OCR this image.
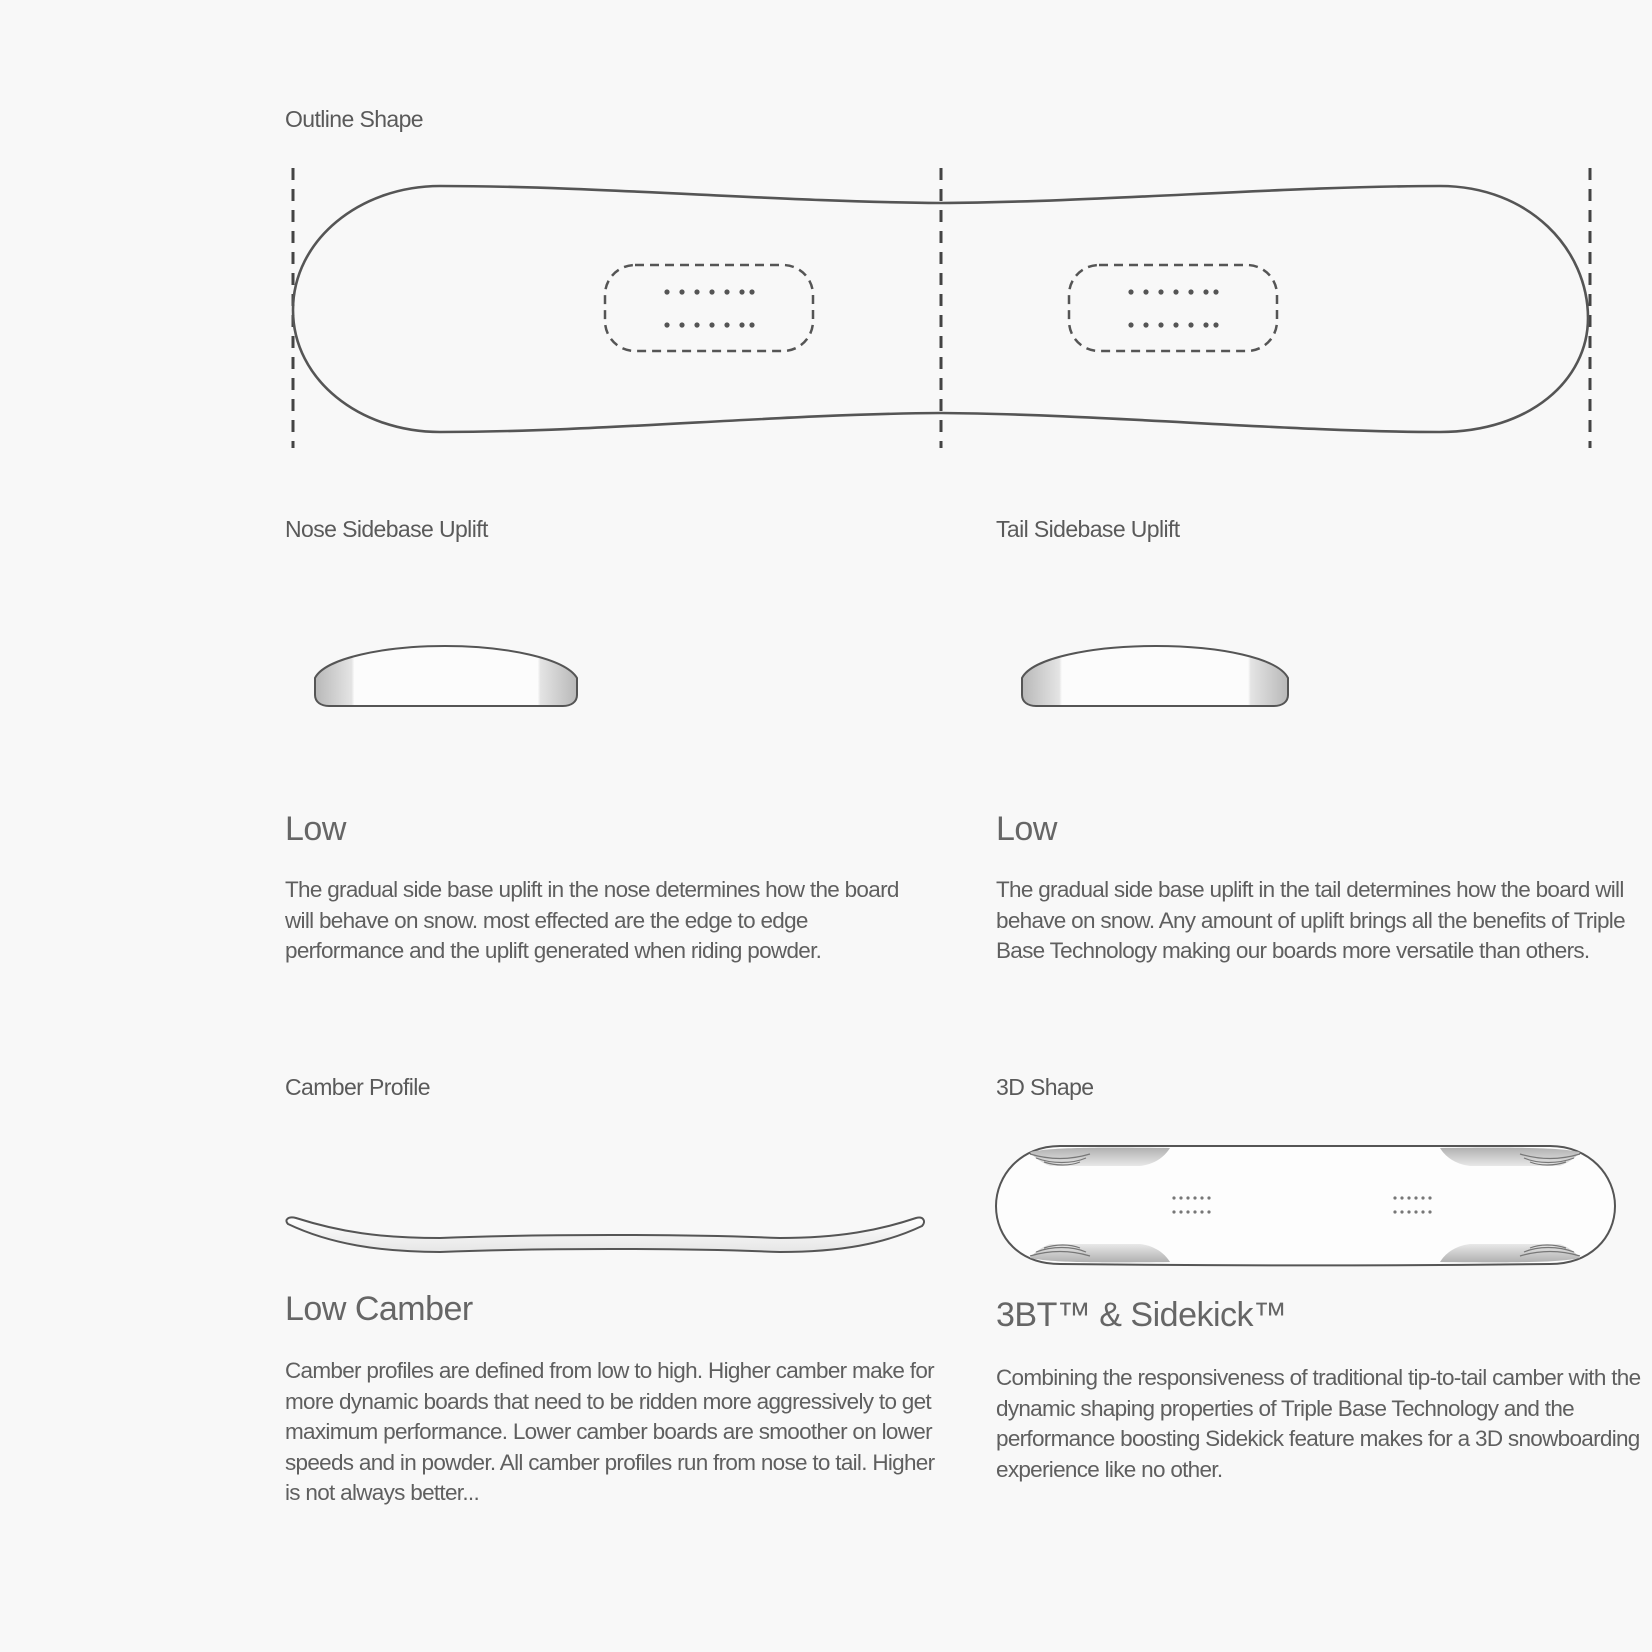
Outline Shape
Nose Sidebase Uplift
Low
The gradual side base uplift in the nose determines how the board will behave on snow. most effected are the edge to edge performance and the uplift generated when riding powder.
Tail Sidebase Uplift
Low
The gradual side base uplift in the tail determines how the board will behave on snow. Any amount of uplift brings all the benefits of Triple Base Technology making our boards more versatile than others.
Camber Profile
Low Camber
Camber profiles are defined from low to high. Higher camber make for more dynamic boards that need to be ridden more aggressively to get maximum performance. Lower camber boards are smoother on lower speeds and in powder. All camber profiles run from nose to tail. Higher is not always better...
3D Shape
3BT™ & Sidekick™
Combining the responsiveness of traditional tip-to-tail camber with the dynamic shaping properties of Triple Base Technology and the performance boosting Sidekick feature makes for a 3D snowboarding experience like no other.
